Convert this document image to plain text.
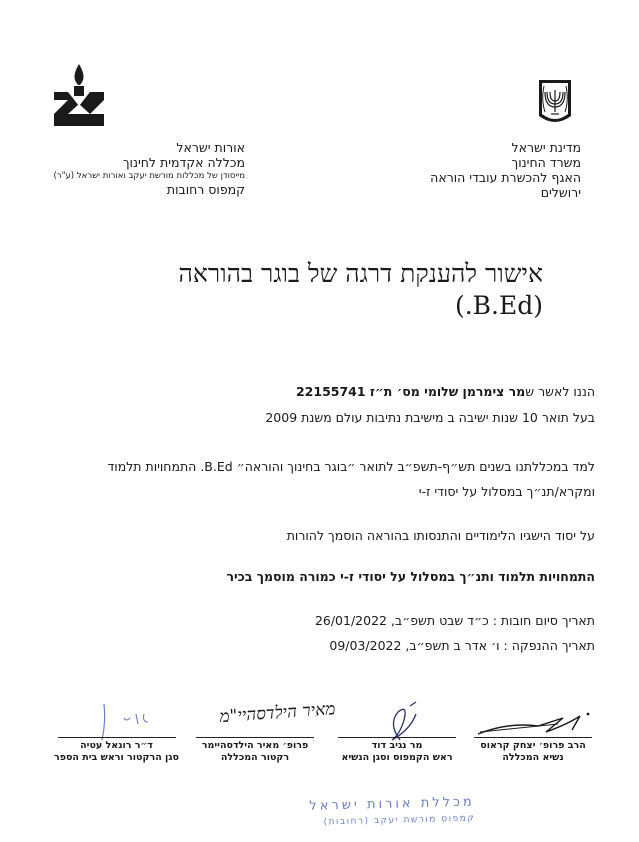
מדינת ישראל
משרד החינוך
האגף להכשרת עובדי הוראה
ירושלים
אורות ישראל
מכללה אקדמית לחינוך
מייסודן של מכללות מורשת יעקב ואורות ישראל (ע"ר)
קמפוס רחובות
אישור להענקת דרגה של בוגר בהוראה (B.Ed.)
הננו לאשר שמר צימרמן שלומי מס׳ ת״ז 22155741
בעל תואר 10 שנות ישיבה ב מישיבת נתיבות עולם משנת 2009
למד במכללתנו בשנים תש״ף-תשפ״ב לתואר ״בוגר בחינוך והוראה״ B.Ed. התמחויות תלמוד
ומקרא/תנ״ך במסלול על יסודי ז-י
על יסוד הישגיו הלימודיים והתנסותו בהוראה הוסמך להורות
התמחויות תלמוד ותנ״ך במסלול על יסודי ז-י כמורה מוסמך בכיר
תאריך סיום חובות : כ״ד שבט תשפ״ב, 26/01/2022
תאריך ההנפקה : ו׳ אדר ב תשפ״ב, 09/03/2022
מאיר הילדסהיי"מ
הרב פרופ׳ יצחק קראוס
נשיא המכללה
מר נגיב דוד
ראש הקמפוס וסגן הנשיא
פרופ׳ מאיר הילדסהיימר
רקטור המכללה
ד״ר רונאל עטיה
סגן הרקטור וראש בית הספר
מכללת אורות ישראל
קמפוס מורשת יעקב (רחובות)
